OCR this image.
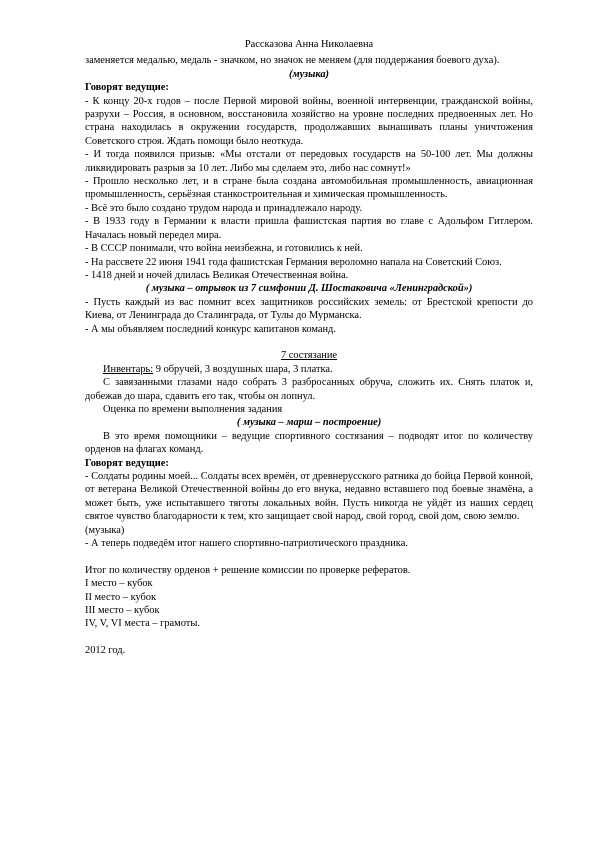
Рассказова Анна Николаевна

заменяется медалью, медаль - значком, но значок не меняем (для поддержания боевого духа).

(музыка)

Говорят ведущие:

- К концу 20-х годов – после Первой мировой войны, военной интервенции, гражданской войны, разрухи – Россия, в основном, восстановила хозяйство на уровне последних предвоенных лет. Но страна находилась в окружении государств, продолжавших вынашивать планы уничтожения Советского строя. Ждать помощи было неоткуда.

- И тогда появился призыв: «Мы отстали от передовых государств на 50-100 лет. Мы должны ликвидировать разрыв за 10 лет. Либо мы сделаем это, либо нас сомнут!»

- Прошло несколько лет, и в стране была создана автомобильная промышленность, авиационная промышленность, серьёзная станкостроительная и химическая промышленность.

- Всё это было создано трудом народа и принадлежало народу.

- В 1933 году в Германии к власти пришла фашистская партия во главе с Адольфом Гитлером. Началась новый передел мира.

- В СССР понимали, что война неизбежна, и готовились к ней.

- На рассвете 22 июня 1941 года фашистская Германия вероломно напала на Советский Союз.

- 1418 дней и ночей длилась Великая Отечественная война.

( музыка – отрывок из 7 симфонии Д. Шостаковича «Ленинградской»)

- Пусть каждый из вас помнит всех защитников российских земель: от Брестской крепости до Киева, от Ленинграда до Сталинграда, от Тулы до Мурманска.

- А мы объявляем последний конкурс капитанов команд.

7 состязание

Инвентарь: 9 обручей, 3 воздушных шара, 3 платка.

С завязанными глазами надо собрать 3 разбросанных обруча, сложить их. Снять платок и, добежав до шара, сдавить его так, чтобы он лопнул.

Оценка по времени выполнения задания

( музыка – марш – построение)

В это время помощники – ведущие спортивного состязания – подводят итог по количеству орденов на флагах команд.

Говорят ведущие:

- Солдаты родины моей... Солдаты всех времён, от древнерусского ратника до бойца Первой конной, от ветерана Великой Отечественной войны до его внука, недавно вставшего под боевые знамёна, а может быть, уже испытавшего тяготы локальных войн. Пусть никогда не уйдёт из наших сердец святое чувство благодарности к тем, кто защищает свой народ, свой город, свой дом, свою землю.

(музыка)

- А теперь подведём итог нашего спортивно-патриотического праздника.

Итог по количеству орденов + решение комиссии по проверке рефератов.

I место – кубок

II место – кубок

III место – кубок

IV, V, VI места – грамоты.

2012 год.
